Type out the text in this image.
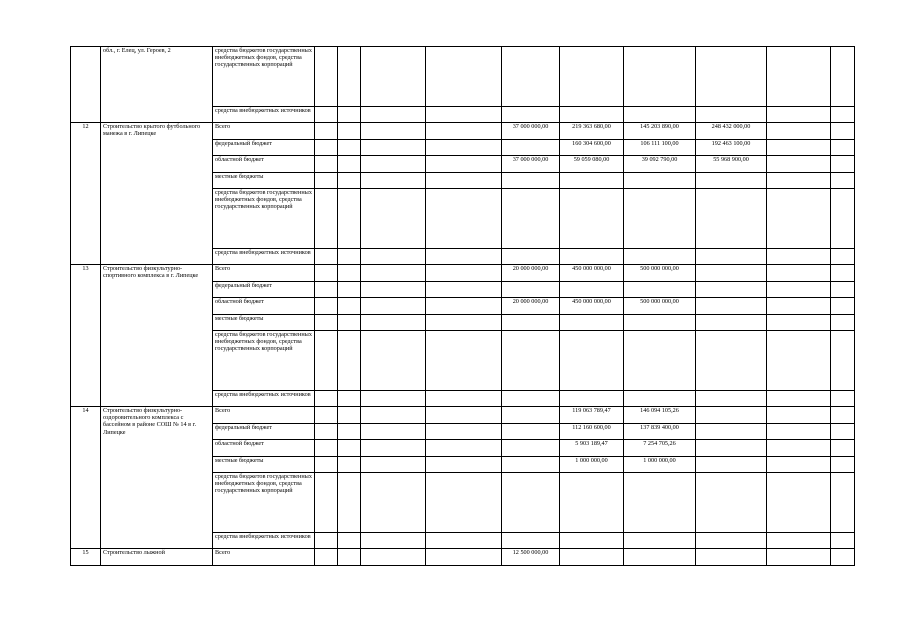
	обл., г. Елец, ул. Героев, 2	средства бюджетов государственных внебюджетных фондов, средства государственных корпораций										
		средства внебюджетных источников										
12	Строительство крытого футбольного манежа в г. Липецке	Всего					37 000 000,00	219 363 680,00	145 203 890,00	248 432 000,00		
		федеральный бюджет						160 304 600,00	106 111 100,00	192 463 100,00		
		областной бюджет					37 000 000,00	59 059 080,00	39 092 790,00	55 968 900,00		
		местные бюджеты										
		средства бюджетов государственных внебюджетных фондов, средства государственных корпораций										
		средства внебюджетных источников										
13	Строительство физкультурно-спортивного комплекса в г. Липецке	Всего					20 000 000,00	450 000 000,00	500 000 000,00			
		федеральный бюджет										
		областной бюджет					20 000 000,00	450 000 000,00	500 000 000,00			
		местные бюджеты										
		средства бюджетов государственных внебюджетных фондов, средства государственных корпораций										
		средства внебюджетных источников										
14	Строительство физкультурно-оздоровительного комплекса с бассейном в районе СОШ № 14 в г. Липецке	Всего						119 063 789,47	146 094 105,26			
		федеральный бюджет						112 160 600,00	137 839 400,00			
		областной бюджет						5 903 189,47	7 254 705,26			
		местные бюджеты						1 000 000,00	1 000 000,00			
		средства бюджетов государственных внебюджетных фондов, средства государственных корпораций										
		средства внебюджетных источников										
15	Строительство лыжной	Всего					12 500 000,00					
